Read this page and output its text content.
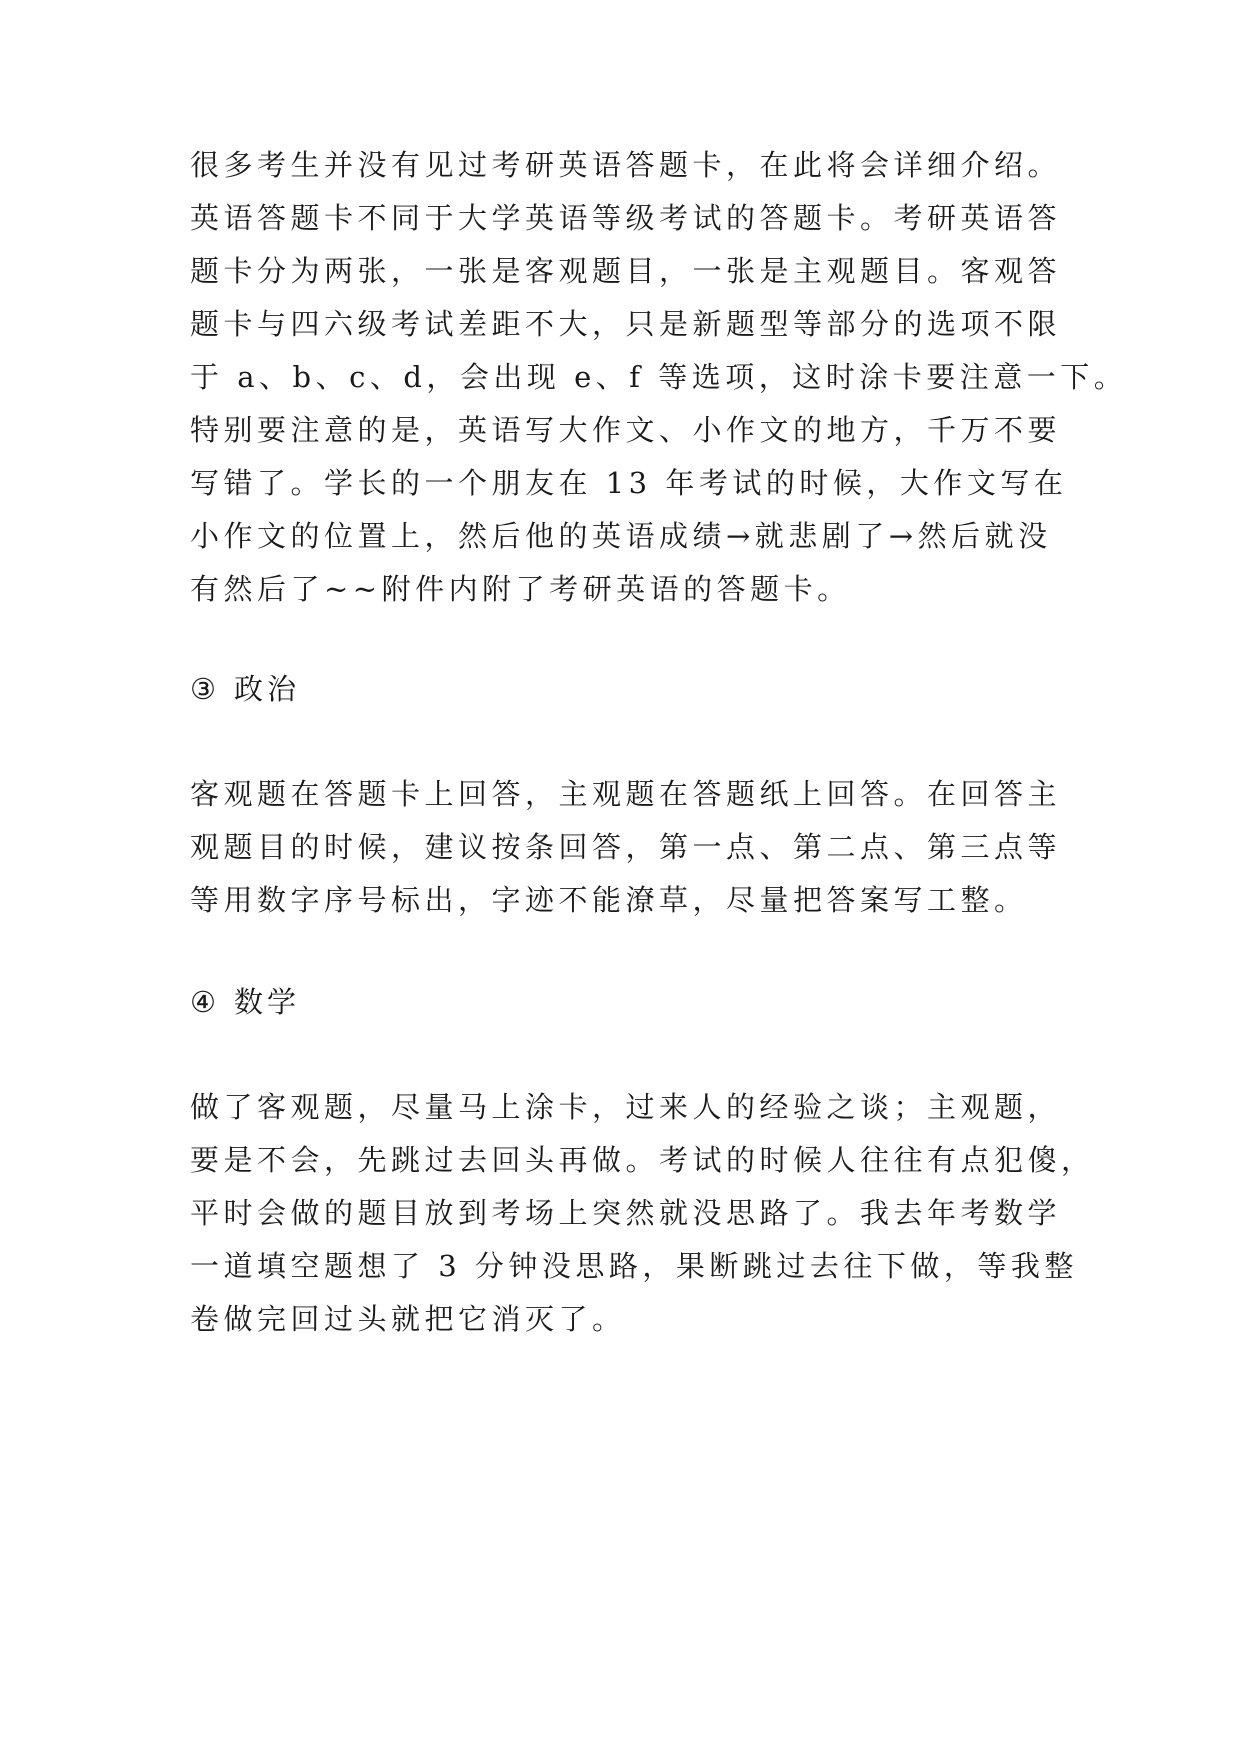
很多考生并没有见过考研英语答题卡，在此将会详细介绍。
英语答题卡不同于大学英语等级考试的答题卡。考研英语答
题卡分为两张，一张是客观题目，一张是主观题目。客观答
题卡与四六级考试差距不大，只是新题型等部分的选项不限
于 a、b、c、d，会出现 e、f 等选项，这时涂卡要注意一下。
特别要注意的是，英语写大作文、小作文的地方，千万不要
写错了。学长的一个朋友在 13 年考试的时候，大作文写在
小作文的位置上，然后他的英语成绩→就悲剧了→然后就没
有然后了~~附件内附了考研英语的答题卡。
③ 政治
客观题在答题卡上回答，主观题在答题纸上回答。在回答主
观题目的时候，建议按条回答，第一点、第二点、第三点等
等用数字序号标出，字迹不能潦草，尽量把答案写工整。
④ 数学
做了客观题，尽量马上涂卡，过来人的经验之谈；主观题，
要是不会，先跳过去回头再做。考试的时候人往往有点犯傻，
平时会做的题目放到考场上突然就没思路了。我去年考数学
一道填空题想了 3 分钟没思路，果断跳过去往下做，等我整
卷做完回过头就把它消灭了。
